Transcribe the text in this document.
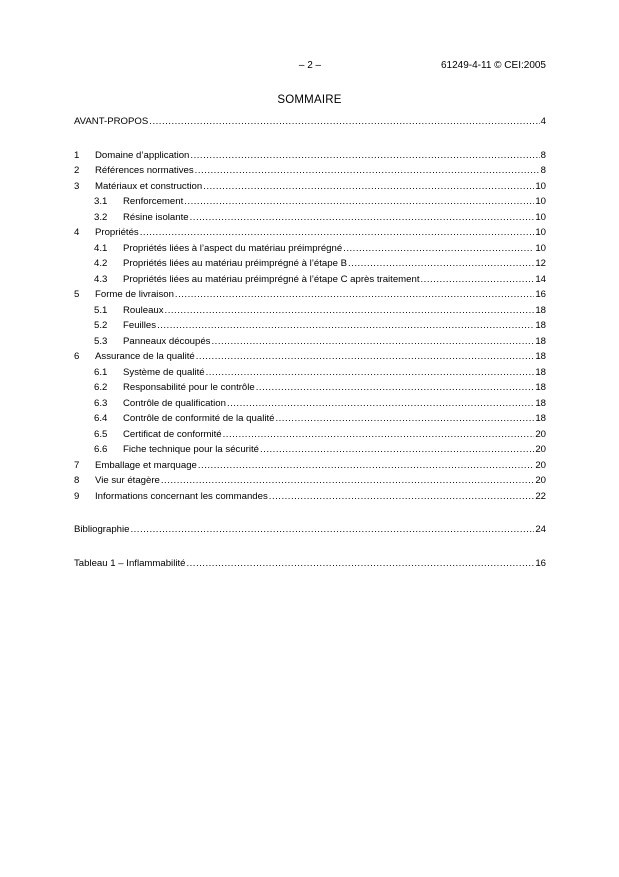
– 2 –	61249-4-11 © CEI:2005
SOMMAIRE
AVANT-PROPOS .....	4
1	Domaine d’application .....	8
2	Références normatives .....	8
3	Matériaux et construction .....	10
3.1	Renforcement .....	10
3.2	Résine isolante .....	10
4	Propriétés .....	10
4.1	Propriétés liées à l’aspect du matériau préimprégné .....	10
4.2	Propriétés liées au matériau préimprégné à l’étape B .....	12
4.3	Propriétés liées au matériau préimprégné à l’étape C après traitement .....	14
5	Forme de livraison .....	16
5.1	Rouleaux .....	18
5.2	Feuilles .....	18
5.3	Panneaux découpés .....	18
6	Assurance de la qualité .....	18
6.1	Système de qualité .....	18
6.2	Responsabilité pour le contrôle .....	18
6.3	Contrôle de qualification .....	18
6.4	Contrôle de conformité de la qualité .....	18
6.5	Certificat de conformité .....	20
6.6	Fiche technique pour la sécurité .....	20
7	Emballage et marquage .....	20
8	Vie sur étagère .....	20
9	Informations concernant les commandes .....	22
Bibliographie .....	24
Tableau 1 – Inflammabilité .....	16
